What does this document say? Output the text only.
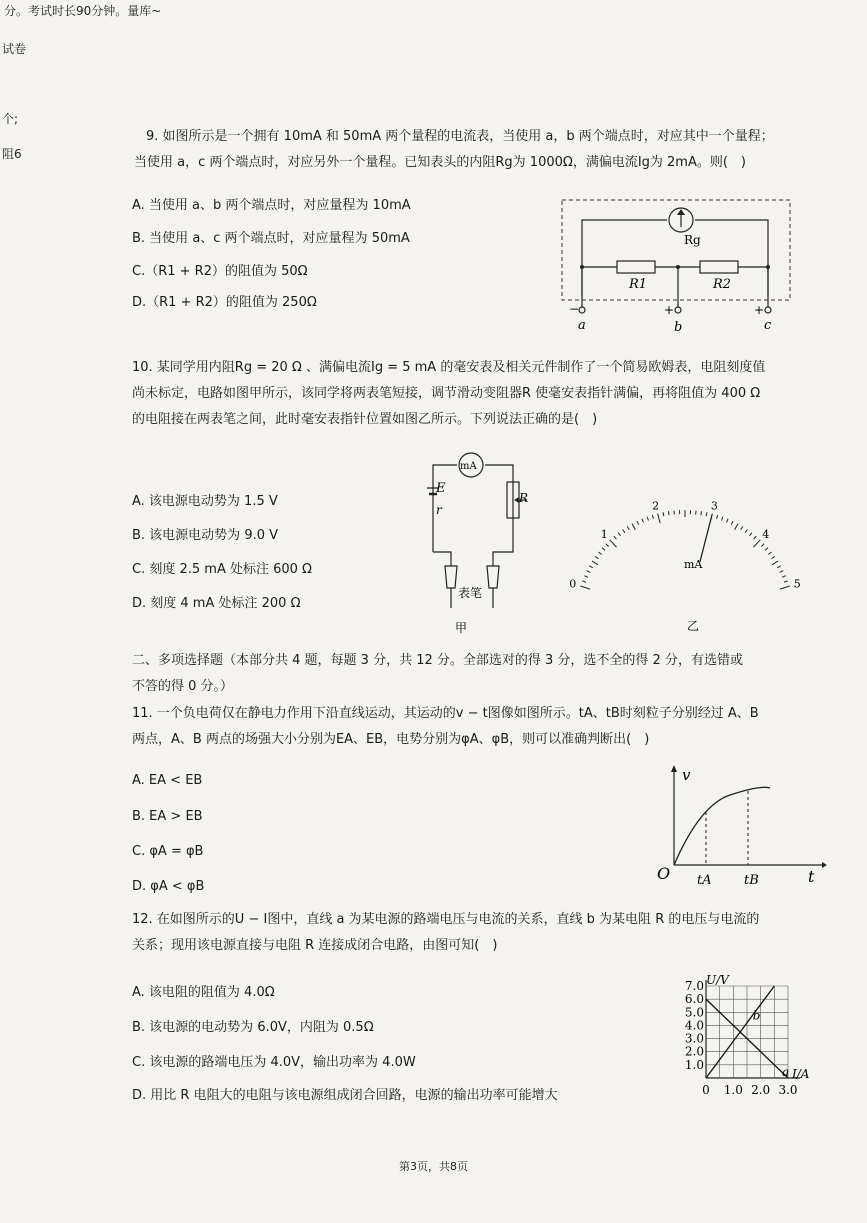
分。考试时长90分钟。量库~
试卷
个;
阻6
9. 如图所示是一个拥有 10mA 和 50mA 两个量程的电流表，当使用 a，b 两个端点时，对应其中一个量程；
当使用 a，c 两个端点时，对应另外一个量程。已知表头的内阻Rg为 1000Ω，满偏电流Ig为 2mA。则(　)
A. 当使用 a、b 两个端点时，对应量程为 10mA
B. 当使用 a、c 两个端点时，对应量程为 50mA
C.（R1 + R2）的阻值为 50Ω
D.（R1 + R2）的阻值为 250Ω
Rg
R1	R2
−	+	+
a	b	c
10. 某同学用内阻Rg = 20 Ω 、满偏电流Ig = 5 mA 的毫安表及相关元件制作了一个简易欧姆表，电阻刻度值
尚未标定，电路如图甲所示，该同学将两表笔短接，调节滑动变阻器R 使毫安表指针满偏，再将阻值为 400 Ω
的电阻接在两表笔之间，此时毫安表指针位置如图乙所示。下列说法正确的是(　)
A. 该电源电动势为 1.5 V
B. 该电源电动势为 9.0 V
C. 刻度 2.5 mA 处标注 600 Ω
D. 刻度 4 mA 处标注 200 Ω
mA
E
r
R
表笔
甲
0
1
2	3
4
5
mA
乙
二、多项选择题（本部分共 4 题，每题 3 分，共 12 分。全部选对的得 3 分，选不全的得 2 分，有选错或
不答的得 0 分。）
11. 一个负电荷仅在静电力作用下沿直线运动，其运动的v − t图像如图所示。tA、tB时刻粒子分别经过 A、B
两点，A、B 两点的场强大小分别为EA、EB，电势分别为φA、φB，则可以准确判断出(　)
A. EA < EB
B. EA > EB
C. φA = φB
D. φA < φB
v
O tA tB	t
12. 在如图所示的U − I图中，直线 a 为某电源的路端电压与电流的关系，直线 b 为某电阻 R 的电压与电流的
关系；现用该电源直接与电阻 R 连接成闭合电路，由图可知(　)
A. 该电阻的阻值为 4.0Ω
B. 该电源的电动势为 6.0V，内阻为 0.5Ω
C. 该电源的路端电压为 4.0V，输出功率为 4.0W
D. 用比 R 电阻大的电阻与该电源组成闭合回路，电源的输出功率可能增大	0 1.0 2.0 3.0
1.0
2.0
3.0
4.0
5.0
6.0
7.0
a
b
U/V
I/A
第3页，共8页
